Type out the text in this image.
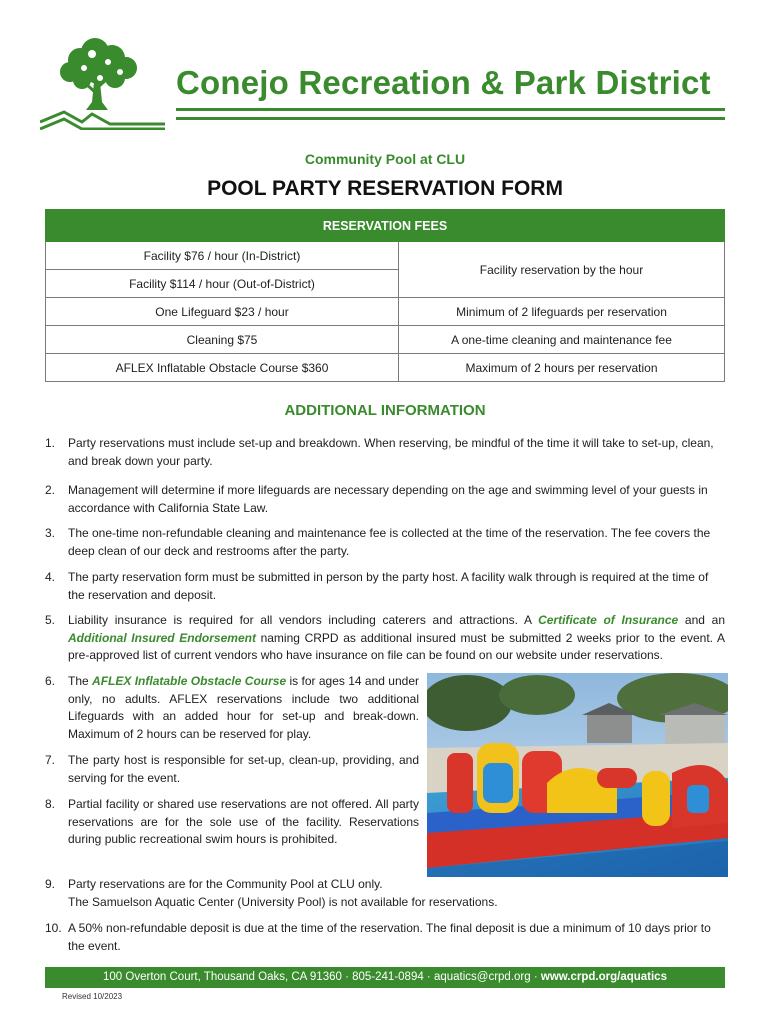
Conejo Recreation & Park District
Community Pool at CLU
POOL PARTY RESERVATION FORM
RESERVATION FEES	
Facility $76 / hour (In-District)	Facility reservation by the hour
Facility $114 / hour (Out-of-District)	
One Lifeguard $23 / hour	Minimum of 2 lifeguards per reservation
Cleaning $75	A one-time cleaning and maintenance fee
AFLEX Inflatable Obstacle Course $360	Maximum of 2 hours per reservation
ADDITIONAL INFORMATION
1. Party reservations must include set-up and breakdown. When reserving, be mindful of the time it will take to set-up, clean, and break down your party.
2. Management will determine if more lifeguards are necessary depending on the age and swimming level of your guests in accordance with California State Law.
3. The one-time non-refundable cleaning and maintenance fee is collected at the time of the reservation. The fee covers the deep clean of our deck and restrooms after the party.
4. The party reservation form must be submitted in person by the party host. A facility walk through is required at the time of the reservation and deposit.
5. Liability insurance is required for all vendors including caterers and attractions. A Certificate of Insurance and an Additional Insured Endorsement naming CRPD as additional insured must be submitted 2 weeks prior to the event. A pre-approved list of current vendors who have insurance on file can be found on our website under reservations.
6. The AFLEX Inflatable Obstacle Course is for ages 14 and under only, no adults. AFLEX reservations include two additional Lifeguards with an added hour for set-up and break-down. Maximum of 2 hours can be reserved for play.
7. The party host is responsible for set-up, clean-up, providing, and serving for the event.
8. Partial facility or shared use reservations are not offered. All party reservations are for the sole use of the facility. Reservations during public recreational swim hours is prohibited.
9. Party reservations are for the Community Pool at CLU only.
The Samuelson Aquatic Center (University Pool) is not available for reservations.
10. A 50% non-refundable deposit is due at the time of the reservation. The final deposit is due a minimum of 10 days prior to the event.
100 Overton Court, Thousand Oaks, CA 91360 · 805-241-0894 · aquatics@crpd.org · www.crpd.org/aquatics
Revised 10/2023
